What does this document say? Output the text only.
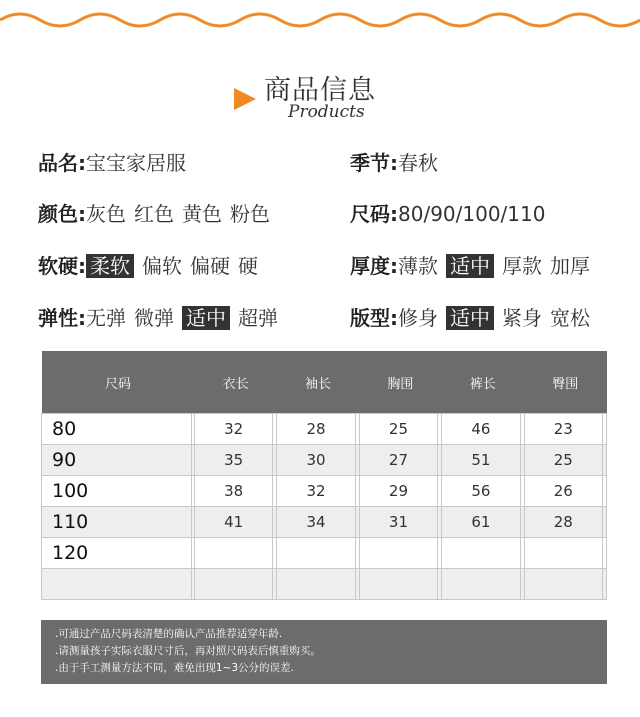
商品信息
Products
品名:宝宝家居服	季节:春秋
颜色:灰色 红色 黄色 粉色	尺码:80/90/100/110
软硬: 柔软 偏软 偏硬 硬	厚度:薄款 适中 厚款 加厚
弹性:无弹 微弹 适中 超弹	版型:修身 适中 紧身 宽松
尺码		衣长		袖长		胸围		裤长		臀围	
80		32		28		25		46		23	
90		35		30		27		51		25	
100		38		32		29		56		26	
110		41		34		31		61		28	
120											

.可通过产品尺码表清楚的确认产品推荐适穿年龄.
.请测量孩子实际衣服尺寸后，再对照尺码表后慎重购买。
.由于手工测量方法不同，难免出现1~3公分的误差.
